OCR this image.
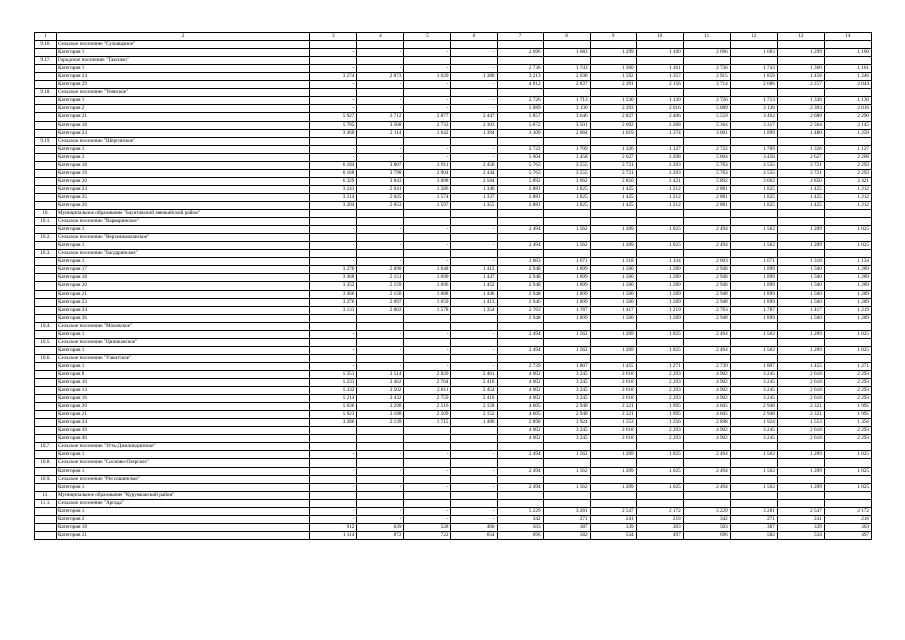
1	2	3	4	5	6	7	8	9	10	11	12	13	14
9.16.	Сельское поселение "Сульящаное"												
	Категория 1	-	-	-	-	2 696	1 683	1 299	1 100	2 696	1 683	1 299	1 100
9.17.	Городское поселение "Таксимо"												
	Категория 1	-	-	-	-	2 736	1 743	1 360	1 161	2 736	1 743	1 360	1 161
	Категория 24	3 274	2 073	1 620	1 380	3 213	2 038	1 592	1 357	2 915	1 859	1 458	1 246
	Категория 29	-	-	-	-	4 912	2 837	2 391	2 156	3 714	2 686	2 257	2 044
9.18.	Сельское поселение "Уоянское"												
	Категория 1	-	-	-	-	2 726	1 713	1 330	1 130	2 726	1 713	1 330	1 130
	Категория 2	-	-	-	-	5 089	3 130	2 393	2 016	5 089	3 130	2 393	2 016
	Категория 21	5 927	3 712	2 877	2 447	5 857	3 646	2 827	2 406	5 559	3 462	2 689	2 290
	Категория 18	5 785	3 568	2 733	2 303	5 672	3 501	2 692	2 268	5 364	3 317	2 564	2 145
	Категория 24	3 360	2 114	1 642	1 394	3 309	2 084	1 619	1 374	3 001	1 899	1 480	1 259
9.19.	Сельское поселение "Шергинское"												
	Категория 1	-	-	-	-	2 722	1 709	1 326	1 127	2 722	1 709	1 326	1 127
	Категория 2	-	-	-	-	5 604	3 458	2 627	2 208	5 604	3 458	2 627	2 208
	Категория 18	6 184	3 807	2 911	2 450	5 763	3 555	2 721	2 293	5 763	3 555	2 721	2 293
	Категория 19	6 168	3 798	2 904	2 444	5 763	3 555	2 721	2 293	5 763	3 555	2 721	2 293
	Категория 20	6 329	3 943	3 008	2 584	5 892	3 662	2 850	2 421	5 892	3 662	2 850	2 421
	Категория 24	3 241	2 041	1 586	1 346	2 881	1 825	1 425	1 212	2 881	1 825	1 425	1 212
	Категория 25	3 214	2 025	1 574	1 337	2 881	1 825	1 425	1 212	2 881	1 825	1 425	1 212
	Категория 26	3 204	2 053	1 597	1 355	2 881	1 825	1 425	1 212	2 881	1 825	1 425	1 212
10.	Муниципальное образование "Баунтовский эвенкийский район"												
10.1.	Сельское поселение "Варваринское"												
	Категория 1	-	-	-	-	2 494	1 562	1 209	1 025	2 494	1 562	1 209	1 025
10.2.	Сельское поселение "Верхнеамаланское"												
	Категория 1	-	-	-	-	2 494	1 562	1 209	1 025	2 494	1 562	1 209	1 025
10.3.	Сельское поселение "Багдаринское"												
	Категория 1	-	-	-	-	2 603	1 671	1 318	1 134	2 603	1 671	1 318	1 134
	Категория 17	3 276	2 090	1 648	1 412	2 948	1 899	1 500	1 289	2 948	1 899	1 500	1 289
	Категория 18	3 368	2 151	1 690	1 447	2 948	1 899	1 500	1 289	2 948	1 899	1 500	1 289
	Категория 20	3 352	2 159	1 696	1 452	2 948	1 899	1 500	1 289	2 948	1 899	1 500	1 289
	Категория 21	3 366	2 150	1 688	1 446	2 948	1 899	1 500	1 289	2 948	1 899	1 500	1 289
	Категория 23	3 276	2 097	1 659	1 413	2 946	1 899	1 500	1 289	2 948	1 899	1 500	1 289
	Категория 24	3 131	2 003	1 578	1 354	2 763	1 787	1 417	1 219	2 763	1 787	1 417	1 219
	Категория 36					2 948	1 899	1 500	1 289	2 948	1 899	1 500	1 289
10.4.	Сельское поселение "Маловское"												
	Категория 1	-	-	-	-	2 494	1 562	1 209	1 025	2 494	1 562	1 209	1 025
10.5.	Сельское поселение "Ципиканское"												
	Категория 1	-	-	-	-	2 494	1 562	1 209	1 025	2 494	1 562	1 209	1 025
10.6.	Сельское поселение "Уакитское"												
	Категория 1	-	-	-	-	2 739	1 807	1 455	1 271	2 739	1 807	1 455	1 271
	Категория 8	5 351	3 514	2 820	2 461	4 902	3 245	2 618	2 293	4 902	3 245	2 618	2 293
	Категория 10	5 231	3 462	2 764	2 416	4 902	3 245	2 618	2 293	4 902	3 245	2 618	2 293
	Категория 14	5 332	3 502	2 811	2 454	4 902	3 245	2 618	2 293	4 902	3 245	2 618	2 293
	Категория 16	5 214	3 432	2 759	2 410	4 902	3 245	2 618	2 293	4 902	3 245	2 618	2 293
	Категория 20	5 036	3 298	2 516	2 158	4 605	2 948	2 321	1 995	4 605	2 948	2 321	1 995
	Категория 21	5 023	3 188	2 509	2 152	4 605	2 948	2 321	1 995	4 605	2 948	2 321	1 995
	Категория 24	3 286	2 139	1 715	1 480	2 898	1 924	1 553	1 356	2 898	1 924	1 553	1 356
	Категория 39					4 902	3 245	2 618	2 293	4 902	3 245	2 618	2 293
	Категория 40					4 902	3 245	2 618	2 293	4 902	3 245	2 618	2 293
10.7.	Сельское поселение "Усть-Джилиндинское"												
	Категория 1	-	-	-	-	2 494	1 562	1 209	1 025	2 494	1 562	1 209	1 025
10.8.	Сельское поселение "Сосново-Озерское"												
	Категория 1	-	-	-	-	2 494	1 562	1 209	1 025	2 494	1 562	1 209	1 025
10.9.	Сельское поселение "Россошинское"												
	Категория 1	-	-	-	-	2 494	1 562	1 209	1 025	2 494	1 562	1 209	1 025
11.	Муниципальное образование "Курумканский район"												
11.1.	Сельское поселение "Аргада"												
	Категория 1	-	-	-	-	5 229	3 281	2 547	2 172	5 229	3 281	2 547	2 172
	Категория 2	-	-	-	-	342	271	241	218	342	271	241	218
	Категория 18	912	639	528	460	503	387	339	303	503	387	339	303
	Категория 21	1 114	872	722	654	696	582	534	497	696	582	534	497
